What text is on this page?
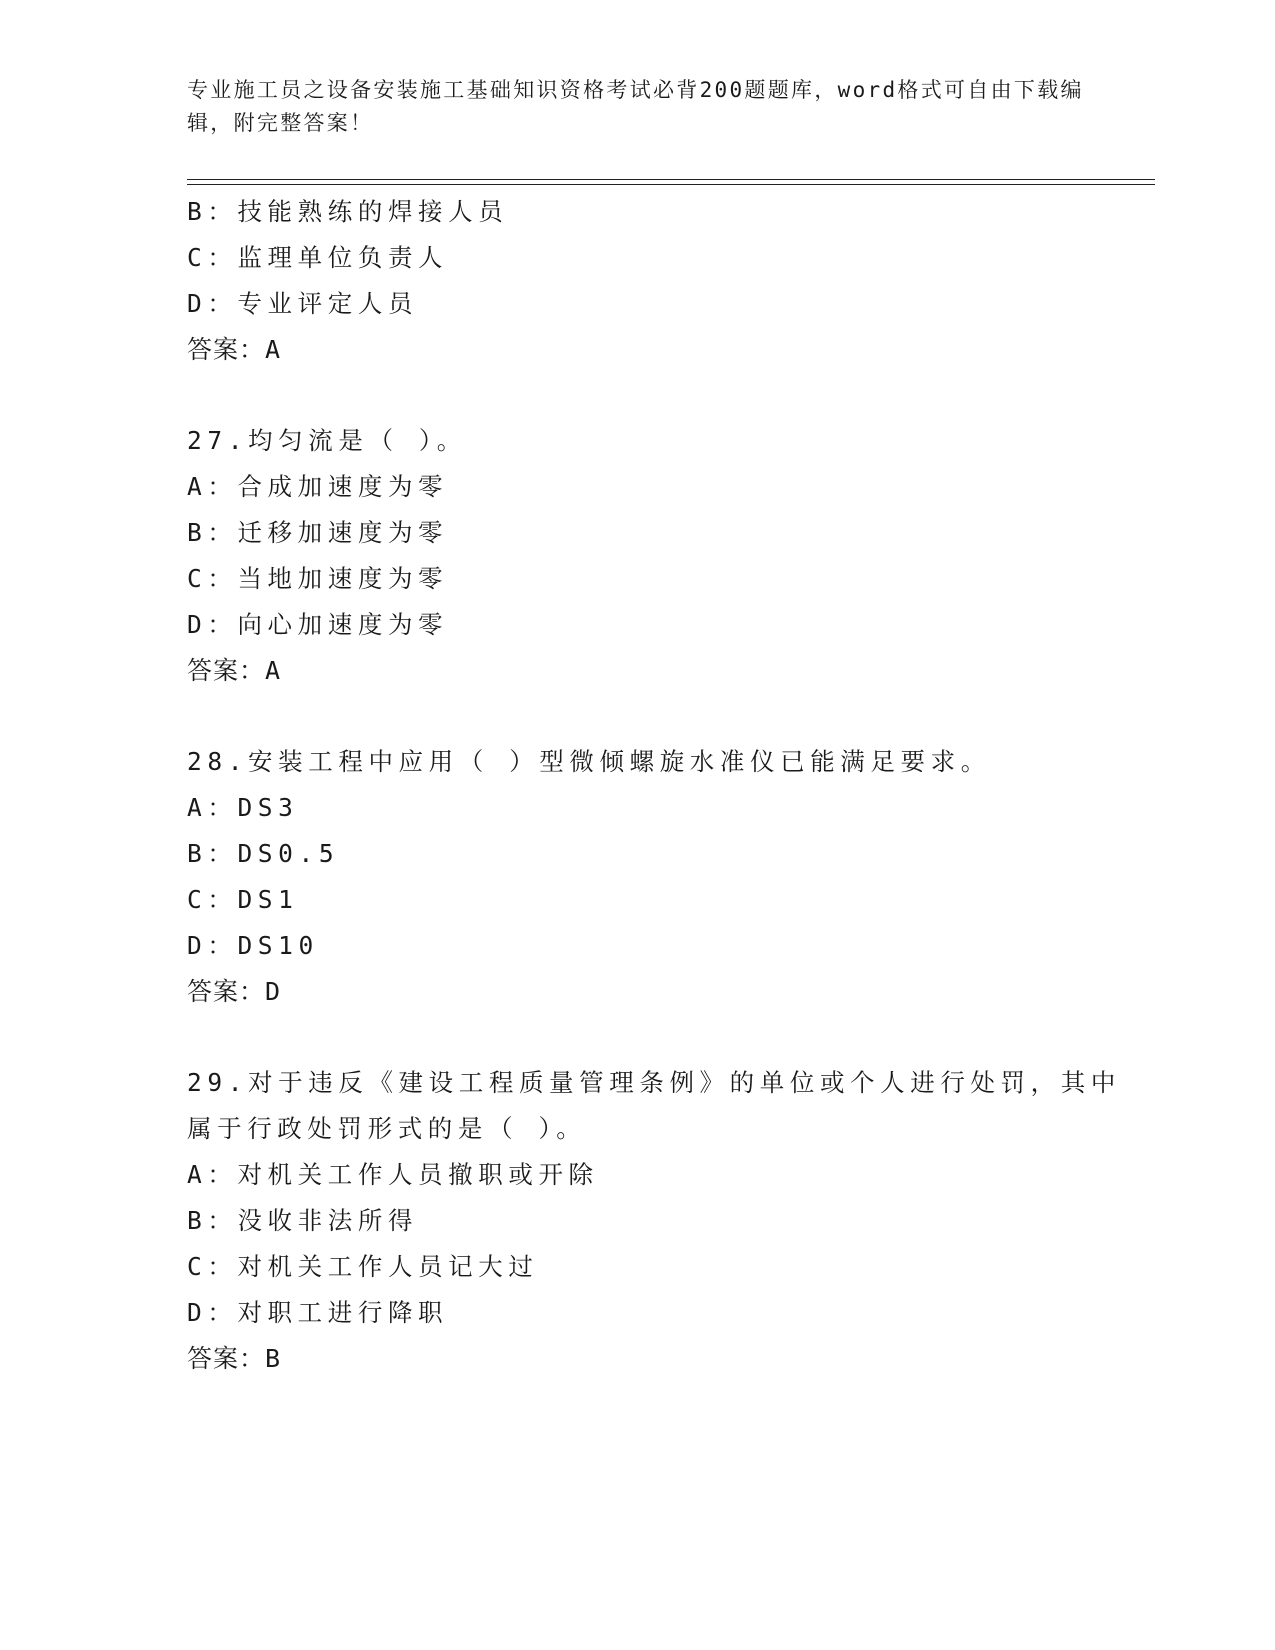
专业施工员之设备安装施工基础知识资格考试必背200题题库，word格式可自由下载编辑，附完整答案！
B：技能熟练的焊接人员
C：监理单位负责人
D：专业评定人员
答案：A
27.均匀流是（ ）。
A：合成加速度为零
B：迁移加速度为零
C：当地加速度为零
D：向心加速度为零
答案：A
28.安装工程中应用（ ）型微倾螺旋水准仪已能满足要求。
A：DS3
B：DS0.5
C：DS1
D：DS10
答案：D
29.对于违反《建设工程质量管理条例》的单位或个人进行处罚，其中
属于行政处罚形式的是（ ）。
A：对机关工作人员撤职或开除
B：没收非法所得
C：对机关工作人员记大过
D：对职工进行降职
答案：B
